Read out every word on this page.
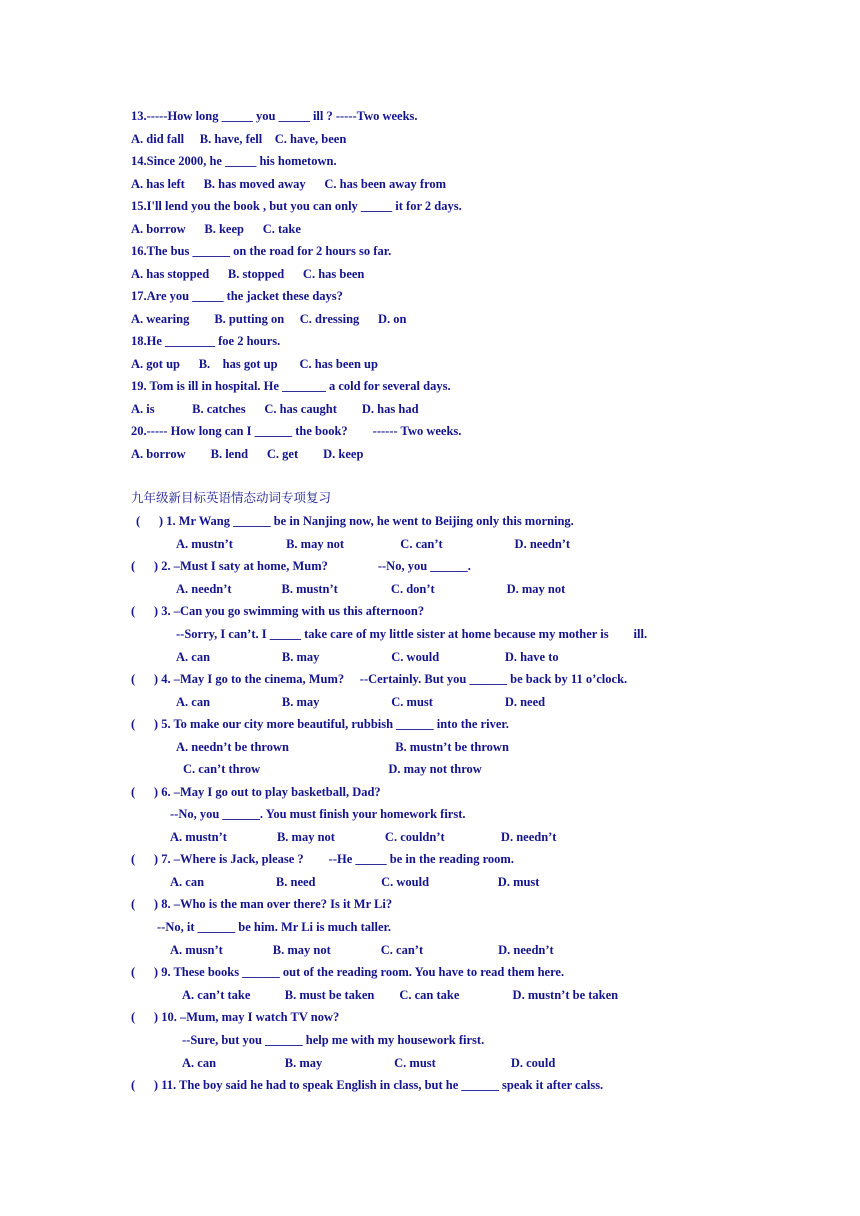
13.-----How long _____ you _____ ill ? -----Two weeks.
A. did fall     B. have, fell    C. have, been
14.Since 2000, he _____ his hometown.
A. has left      B. has moved away      C. has been away from
15.I'll lend you the book , but you can only _____ it for 2 days.
A. borrow      B. keep      C. take
16.The bus ______ on the road for 2 hours so far.
A. has stopped      B. stopped      C. has been
17.Are you _____ the jacket these days?
A. wearing        B. putting on     C. dressing      D. on
18.He ________ foe 2 hours.
A. got up      B.    has got up       C. has been up
19. Tom is ill in hospital. He _______ a cold for several days.
A. is            B. catches      C. has caught        D. has had
20.----- How long can I ______ the book?        ------ Two weeks.
A. borrow        B. lend      C. get        D. keep
九年级新目标英语情态动词专项复习
(      ) 1. Mr Wang ______ be in Nanjing now, he went to Beijing only this morning.
A. mustn’t                 B. may not                  C. can’t                       D. needn’t
(      ) 2. –Must I saty at home, Mum?                --No, you ______.
A. needn’t                B. mustn’t                 C. don’t                       D. may not
(      ) 3. –Can you go swimming with us this afternoon?
--Sorry, I can’t. I _____ take care of my little sister at home because my mother is        ill.
A. can                       B. may                       C. would                     D. have to
(      ) 4. –May I go to the cinema, Mum?     --Certainly. But you ______ be back by 11 o’clock.
A. can                       B. may                       C. must                       D. need
(      ) 5. To make our city more beautiful, rubbish ______ into the river.
A. needn’t be thrown                                  B. mustn’t be thrown
C. can’t throw                                         D. may not throw
(      ) 6. –May I go out to play basketball, Dad?
--No, you ______. You must finish your homework first.
A. mustn’t                B. may not                C. couldn’t                  D. needn’t
(      ) 7. –Where is Jack, please ?        --He _____ be in the reading room.
A. can                       B. need                     C. would                      D. must
(      ) 8. –Who is the man over there? Is it Mr Li?
--No, it ______ be him. Mr Li is much taller.
A. musn’t                B. may not                C. can’t                        D. needn’t
(      ) 9. These books ______ out of the reading room. You have to read them here.
A. can’t take           B. must be taken        C. can take                 D. mustn’t be taken
(      ) 10. –Mum, may I watch TV now?
--Sure, but you ______ help me with my housework first.
A. can                      B. may                       C. must                        D. could
(      ) 11. The boy said he had to speak English in class, but he ______ speak it after calss.
